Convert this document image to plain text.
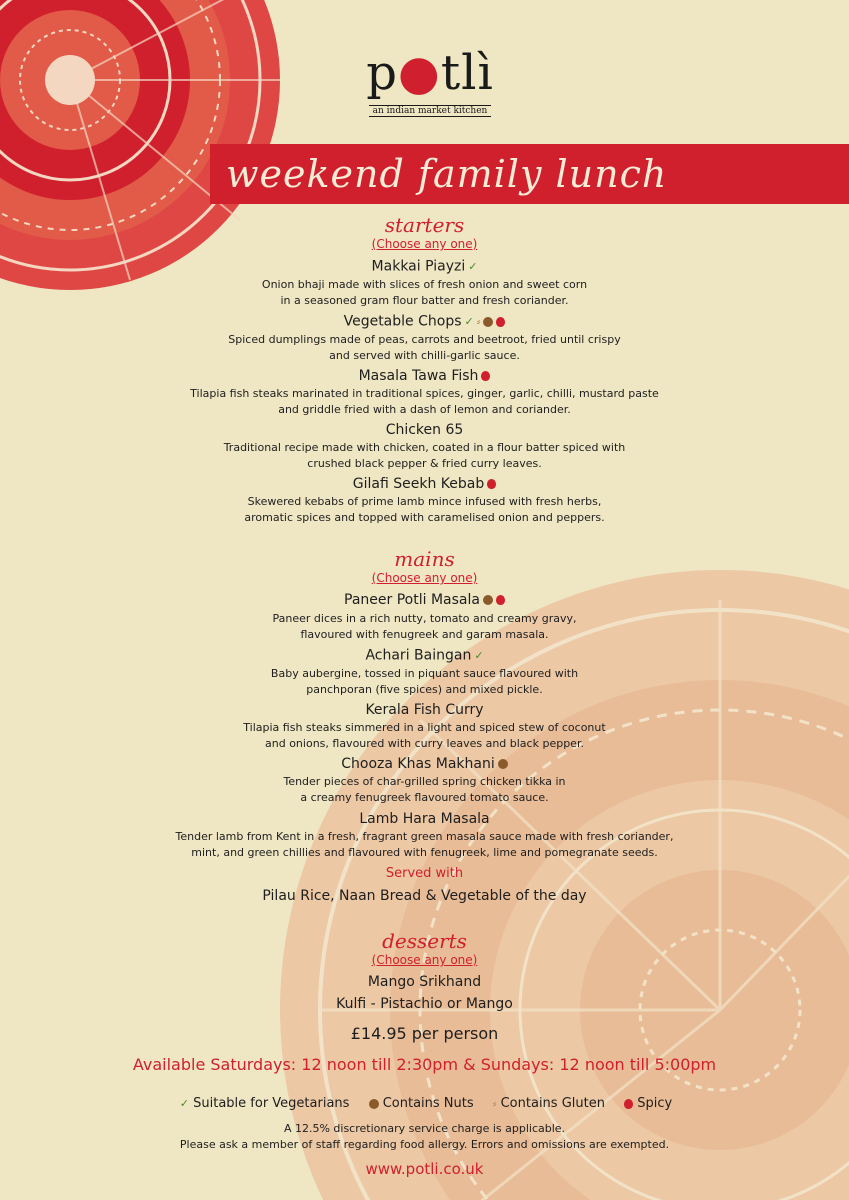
p●tlì
an indian market kitchen
weekend family lunch
starters
(Choose any one)
Makkai Piayzi ✓
Onion bhaji made with slices of fresh onion and sweet corn
in a seasoned gram flour batter and fresh coriander.
Vegetable Chops ✓ ⸗
Spiced dumplings made of peas, carrots and beetroot, fried until crispy
and served with chilli-garlic sauce.
Masala Tawa Fish
Tilapia fish steaks marinated in traditional spices, ginger, garlic, chilli, mustard paste
and griddle fried with a dash of lemon and coriander.
Chicken 65
Traditional recipe made with chicken, coated in a flour batter spiced with
crushed black pepper & fried curry leaves.
Gilafi Seekh Kebab
Skewered kebabs of prime lamb mince infused with fresh herbs,
aromatic spices and topped with caramelised onion and peppers.
mains
(Choose any one)
Paneer Potli Masala
Paneer dices in a rich nutty, tomato and creamy gravy,
flavoured with fenugreek and garam masala.
Achari Baingan ✓
Baby aubergine, tossed in piquant sauce flavoured with
panchporan (five spices) and mixed pickle.
Kerala Fish Curry
Tilapia fish steaks simmered in a light and spiced stew of coconut
and onions, flavoured with curry leaves and black pepper.
Chooza Khas Makhani
Tender pieces of char-grilled spring chicken tikka in
a creamy fenugreek flavoured tomato sauce.
Lamb Hara Masala
Tender lamb from Kent in a fresh, fragrant green masala sauce made with fresh coriander,
mint, and green chillies and flavoured with fenugreek, lime and pomegranate seeds.
Served with
Pilau Rice, Naan Bread & Vegetable of the day
desserts
(Choose any one)
Mango Srikhand
Kulfi - Pistachio or Mango
£14.95 per person
Available Saturdays: 12 noon till 2:30pm & Sundays: 12 noon till 5:00pm
✓ Suitable for Vegetarians	Contains Nuts ⸗ Contains Gluten Spicy
A 12.5% discretionary service charge is applicable.
Please ask a member of staff regarding food allergy. Errors and omissions are exempted.
www.potli.co.uk
